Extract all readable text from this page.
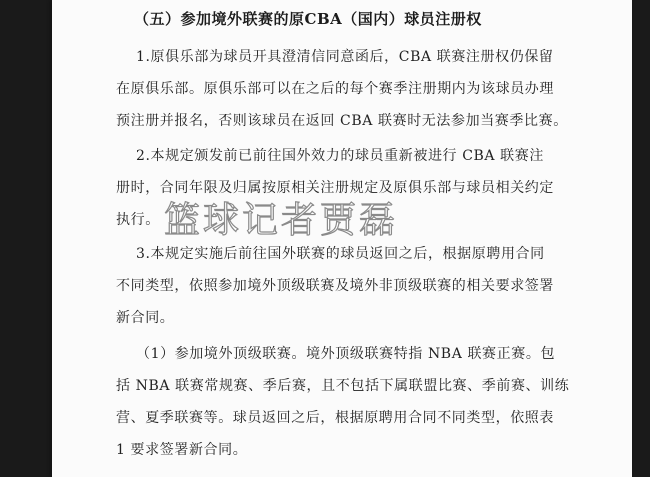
（五）参加境外联赛的原CBA（国内）球员注册权
1.原俱乐部为球员开具澄清信同意函后，CBA 联赛注册权仍保留
在原俱乐部。原俱乐部可以在之后的每个赛季注册期内为该球员办理
预注册并报名，否则该球员在返回 CBA 联赛时无法参加当赛季比赛。
2.本规定颁发前已前往国外效力的球员重新被进行 CBA 联赛注
册时，合同年限及归属按原相关注册规定及原俱乐部与球员相关约定
执行。
3.本规定实施后前往国外联赛的球员返回之后，根据原聘用合同
不同类型，依照参加境外顶级联赛及境外非顶级联赛的相关要求签署
新合同。
（1）参加境外顶级联赛。境外顶级联赛特指 NBA 联赛正赛。包
括 NBA 联赛常规赛、季后赛，且不包括下属联盟比赛、季前赛、训练
营、夏季联赛等。球员返回之后，根据原聘用合同不同类型，依照表
1 要求签署新合同。
篮球记者贾磊
